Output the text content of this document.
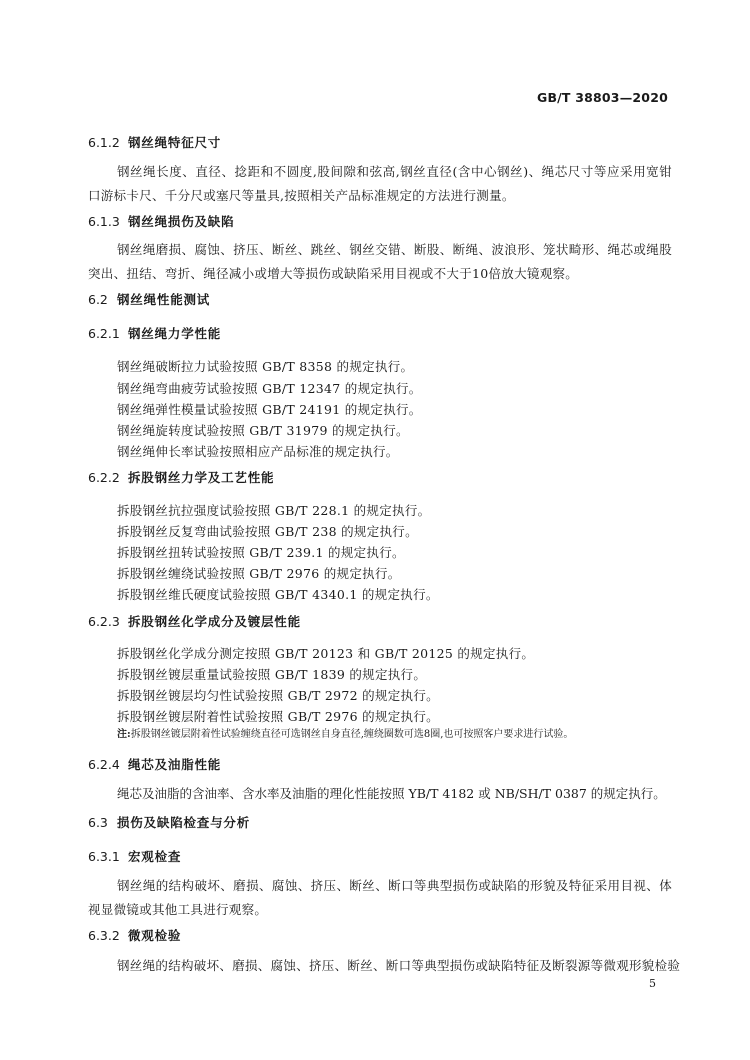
GB/T 38803—2020
6.1.2 钢丝绳特征尺寸
钢丝绳长度、直径、捻距和不圆度,股间隙和弦高,钢丝直径(含中心钢丝)、绳芯尺寸等应采用宽钳口游标卡尺、千分尺或塞尺等量具,按照相关产品标准规定的方法进行测量。
6.1.3 钢丝绳损伤及缺陷
钢丝绳磨损、腐蚀、挤压、断丝、跳丝、钢丝交错、断股、断绳、波浪形、笼状畸形、绳芯或绳股突出、扭结、弯折、绳径减小或增大等损伤或缺陷采用目视或不大于10倍放大镜观察。
6.2 钢丝绳性能测试
6.2.1 钢丝绳力学性能
钢丝绳破断拉力试验按照 GB/T 8358 的规定执行。
钢丝绳弯曲疲劳试验按照 GB/T 12347 的规定执行。
钢丝绳弹性模量试验按照 GB/T 24191 的规定执行。
钢丝绳旋转度试验按照 GB/T 31979 的规定执行。
钢丝绳伸长率试验按照相应产品标准的规定执行。
6.2.2 拆股钢丝力学及工艺性能
拆股钢丝抗拉强度试验按照 GB/T 228.1 的规定执行。
拆股钢丝反复弯曲试验按照 GB/T 238 的规定执行。
拆股钢丝扭转试验按照 GB/T 239.1 的规定执行。
拆股钢丝缠绕试验按照 GB/T 2976 的规定执行。
拆股钢丝维氏硬度试验按照 GB/T 4340.1 的规定执行。
6.2.3 拆股钢丝化学成分及镀层性能
拆股钢丝化学成分测定按照 GB/T 20123 和 GB/T 20125 的规定执行。
拆股钢丝镀层重量试验按照 GB/T 1839 的规定执行。
拆股钢丝镀层均匀性试验按照 GB/T 2972 的规定执行。
拆股钢丝镀层附着性试验按照 GB/T 2976 的规定执行。
注:拆股钢丝镀层附着性试验缠绕直径可选钢丝自身直径,缠绕圈数可选8圈,也可按照客户要求进行试验。
6.2.4 绳芯及油脂性能
绳芯及油脂的含油率、含水率及油脂的理化性能按照 YB/T 4182 或 NB/SH/T 0387 的规定执行。
6.3 损伤及缺陷检查与分析
6.3.1 宏观检查
钢丝绳的结构破坏、磨损、腐蚀、挤压、断丝、断口等典型损伤或缺陷的形貌及特征采用目视、体视显微镜或其他工具进行观察。
6.3.2 微观检验
钢丝绳的结构破坏、磨损、腐蚀、挤压、断丝、断口等典型损伤或缺陷特征及断裂源等微观形貌检验
5
